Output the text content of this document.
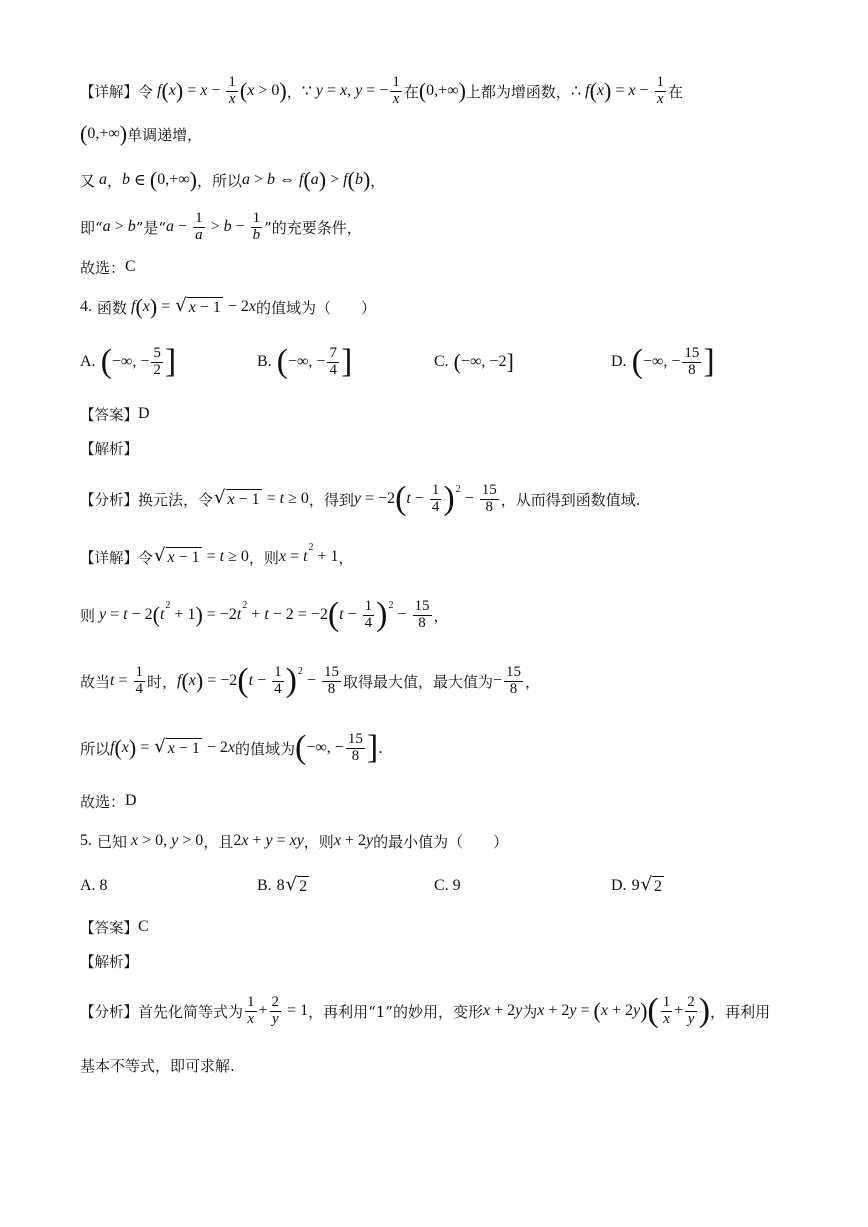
【详解】 令 f ( x ) = $x - \frac{1}{x}$ ( x > 0 ) ， ∵ y = x , y = − $\frac{1}{x}$ 在 ( 0,+∞ ) 上都为增函数， ∴ f ( x ) = $x - \frac{1}{x}$ 在
( 0,+∞ ) 单调递增，
又 a ， b ∈ ( 0,+∞ ) ，所以 a > b ⇔ f ( a ) > f ( b ) ，
即“ a > b ”是“ $a - \frac{1}{a} > b - \frac{1}{b}$ ”的充要条件，
故选： C
4. 函数 f ( x ) = √ x − 1 − 2 x 的值域为（　　）
A. ( −∞, − $\frac{5}{2}$ ]	B. ( −∞, − $\frac{7}{4}$ ]	C. ( −∞, −2 ]	D. ( −∞, − $\frac{15}{8}$ ]
【答案】 D
【解析】
【分析】 换元法，令 √ x − 1 = t ≥ 0 ，得到 y = −2 ( $t - \frac{1}{4}$ ) 2
− $\frac{15}{8}$ ，从而得到函数值域.
【详解】 令 √ x − 1 = t ≥ 0 ，则 x = t
2
+ 1 ，
则 y = t − 2 ( t
2
+ 1 ) = −2 t
2
+ t − 2 = −2 ( $t - \frac{1}{4}$ ) 2
− $\frac{15}{8}$ ，
故当 $t = \frac{1}{4}$ 时， f ( x ) = −2 ( $t - \frac{1}{4}$ ) 2
− $\frac{15}{8}$ 取得最大值，最大值为 − $\frac{15}{8}$ ，
所以 f ( x ) = √ x − 1 − 2 x 的值域为 ( −∞, − $\frac{15}{8}$ ] .
故选： D
5. 已知 x > 0, y > 0 ，且 2 x + y = xy ，则 x + 2 y 的最小值为（　　）
A. 8	B. 8 √ 2	C. 9	D. 9 √ 2
【答案】 C
【解析】
【分析】 首先化简等式为 $\frac{1}{x} + \frac{2}{y} = 1$ ，再利用“1”的妙用，变形 x + 2 y 为 x + 2 y = ( x + 2 y ) ( $\frac{1}{x} + \frac{2}{y}$ ) ，再利用
基本不等式，即可求解.
